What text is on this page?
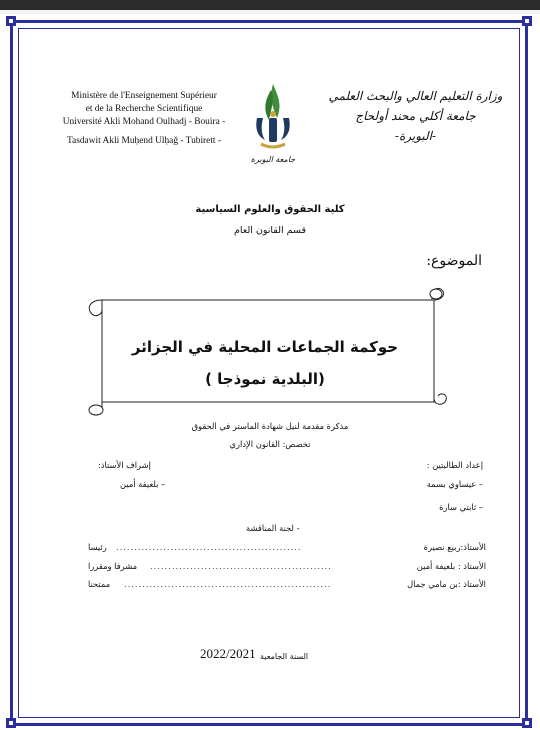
Ministère de l'Enseignement Supérieur
et de la Recherche Scientifique
Université Akli Mohand Oulhadj - Bouira -
Tasdawit Akli Muḥend Ulḥağ - Tubirett -
جامعة البويرة
وزارة التعليم العالي والبحث العلمي
جامعة أكلي محند أولحاج
-البويرة-
كلية الحقوق والعلوم السياسية
قسم القانون العام
الموضوع:
حوكمة الجماعات المحلية في الجزائر
(البلدية نموذجا )
مذكرة مقدمة لنيل شهادة الماستر في الحقوق
تخصص: القانون الإداري
إعداد الطالبتين :
– عيساوي بسمة
– ثابتي سارة
إشراف الأستاذ:
– بلعيفة أمين
- لجنة المناقشة
الأستاذ:ربيع نصيرة
...................................................
رئيسا
الأستاذ : بلعيفة أمين
..................................................
مشرفا ومقررا
الأستاذ :بن مامي جمال
.........................................................
ممتحنا
2022/2021 السنة الجامعية
